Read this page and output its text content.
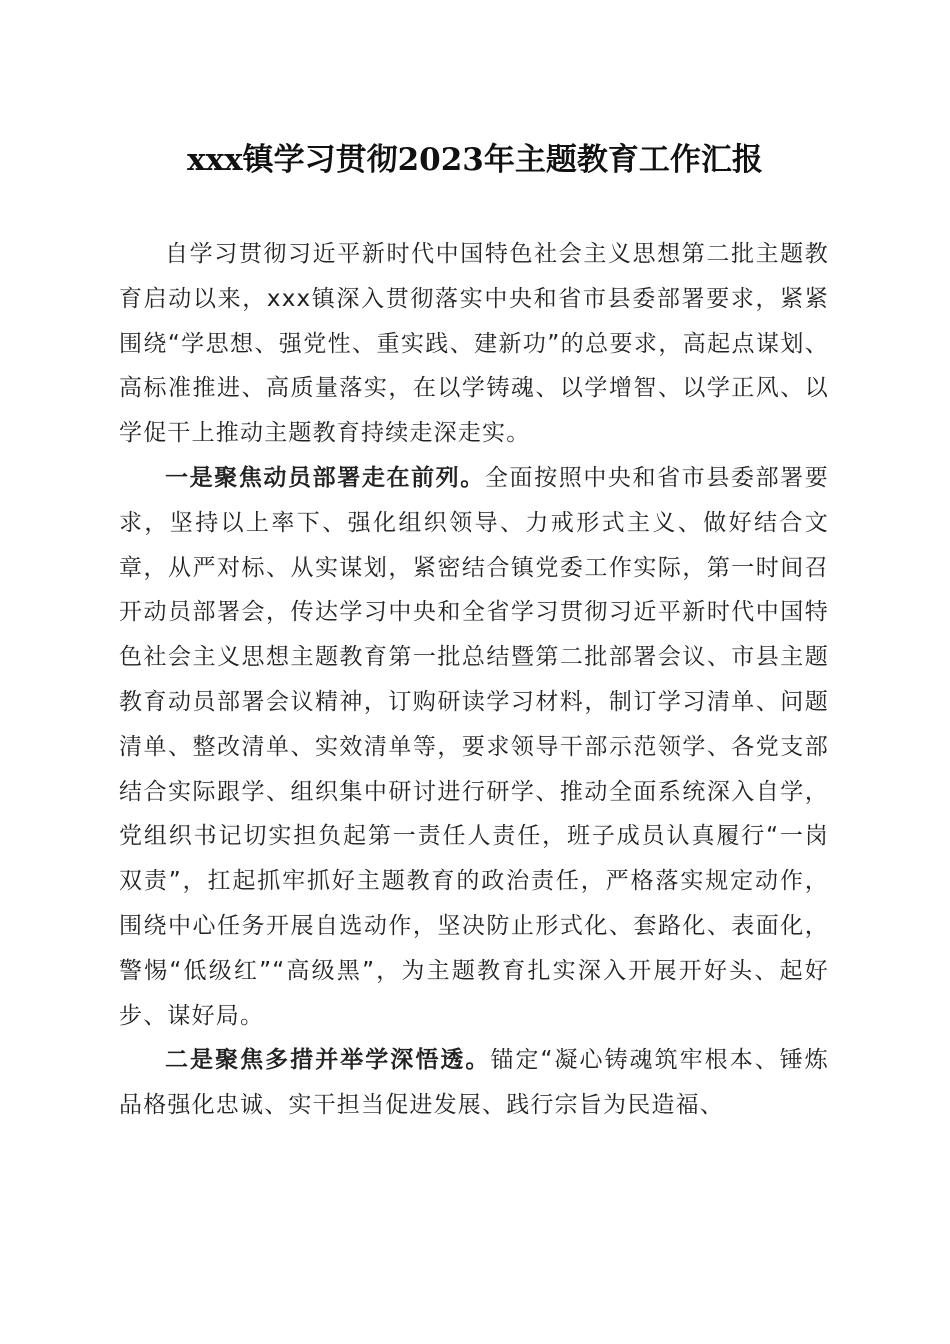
xxx镇学习贯彻2023年主题教育工作汇报

自学习贯彻习近平新时代中国特色社会主义思想第二批主题教育启动以来，xxx镇深入贯彻落实中央和省市县委部署要求，紧紧围绕“学思想、强党性、重实践、建新功”的总要求，高起点谋划、高标准推进、高质量落实，在以学铸魂、以学增智、以学正风、以学促干上推动主题教育持续走深走实。

一是聚焦动员部署走在前列。全面按照中央和省市县委部署要求，坚持以上率下、强化组织领导、力戒形式主义、做好结合文章，从严对标、从实谋划，紧密结合镇党委工作实际，第一时间召开动员部署会，传达学习中央和全省学习贯彻习近平新时代中国特色社会主义思想主题教育第一批总结暨第二批部署会议、市县主题教育动员部署会议精神，订购研读学习材料，制订学习清单、问题清单、整改清单、实效清单等，要求领导干部示范领学、各党支部结合实际跟学、组织集中研讨进行研学、推动全面系统深入自学，党组织书记切实担负起第一责任人责任，班子成员认真履行“一岗双责”，扛起抓牢抓好主题教育的政治责任，严格落实规定动作，围绕中心任务开展自选动作，坚决防止形式化、套路化、表面化，警惕“低级红”“高级黑”，为主题教育扎实深入开展开好头、起好步、谋好局。

二是聚焦多措并举学深悟透。锚定“凝心铸魂筑牢根本、锤炼品格强化忠诚、实干担当促进发展、践行宗旨为民造福、
